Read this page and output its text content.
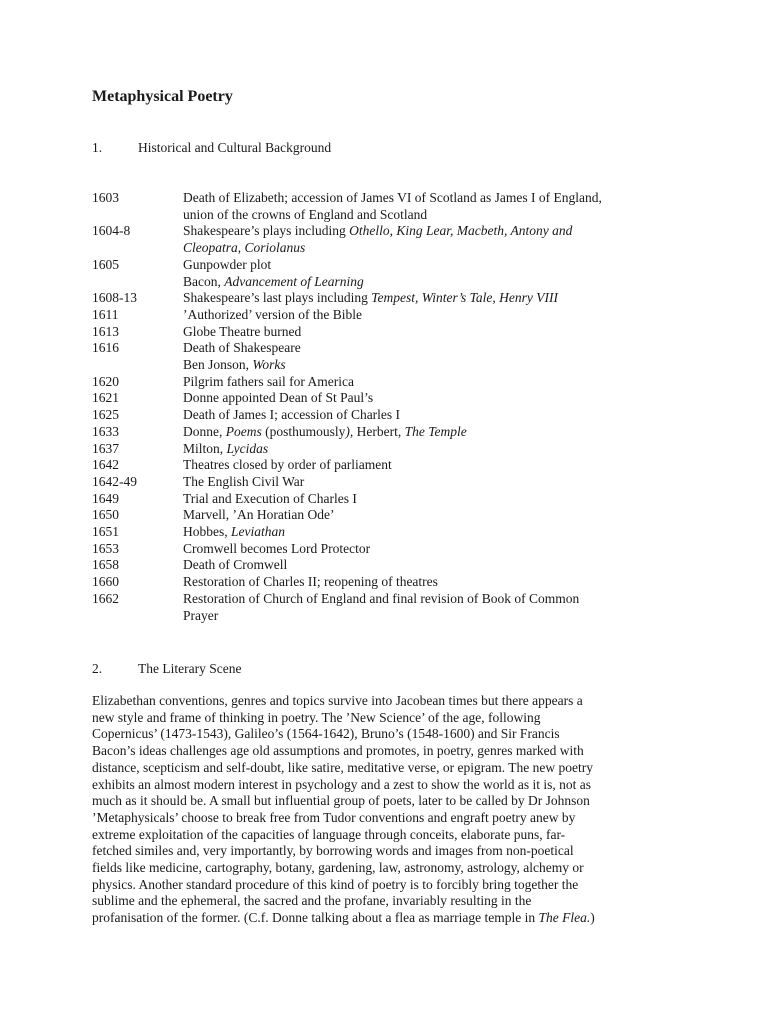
Metaphysical Poetry
1.	Historical and Cultural Background
1603	Death of Elizabeth; accession of James VI of Scotland as James I of England,
union of the crowns of England and Scotland
1604-8	Shakespeare’s plays including Othello, King Lear, Macbeth, Antony and
Cleopatra, Coriolanus
1605	Gunpowder plot
Bacon, Advancement of Learning
1608-13	Shakespeare’s last plays including Tempest, Winter’s Tale, Henry VIII
1611	’Authorized’ version of the Bible
1613	Globe Theatre burned
1616	Death of Shakespeare
Ben Jonson, Works
1620	Pilgrim fathers sail for America
1621	Donne appointed Dean of St Paul’s
1625	Death of James I; accession of Charles I
1633	Donne, Poems (posthumously), Herbert, The Temple
1637	Milton, Lycidas
1642	Theatres closed by order of parliament
1642-49	The English Civil War
1649	Trial and Execution of Charles I
1650	Marvell, ’An Horatian Ode’
1651	Hobbes, Leviathan
1653	Cromwell becomes Lord Protector
1658	Death of Cromwell
1660	Restoration of Charles II; reopening of theatres
1662	Restoration of Church of England and final revision of Book of Common
Prayer
2.	The Literary Scene
Elizabethan conventions, genres and topics survive into Jacobean times but there appears a
new style and frame of thinking in poetry. The ’New Science’ of the age, following
Copernicus’ (1473-1543), Galileo’s (1564-1642), Bruno’s (1548-1600) and Sir Francis
Bacon’s ideas challenges age old assumptions and promotes, in poetry, genres marked with
distance, scepticism and self-doubt, like satire, meditative verse, or epigram. The new poetry
exhibits an almost modern interest in psychology and a zest to show the world as it is, not as
much as it should be. A small but influential group of poets, later to be called by Dr Johnson
’Metaphysicals’ choose to break free from Tudor conventions and engraft poetry anew by
extreme exploitation of the capacities of language through conceits, elaborate puns, far-
fetched similes and, very importantly, by borrowing words and images from non-poetical
fields like medicine, cartography, botany, gardening, law, astronomy, astrology, alchemy or
physics. Another standard procedure of this kind of poetry is to forcibly bring together the
sublime and the ephemeral, the sacred and the profane, invariably resulting in the
profanisation of the former. (C.f. Donne talking about a flea as marriage temple in The Flea.)
